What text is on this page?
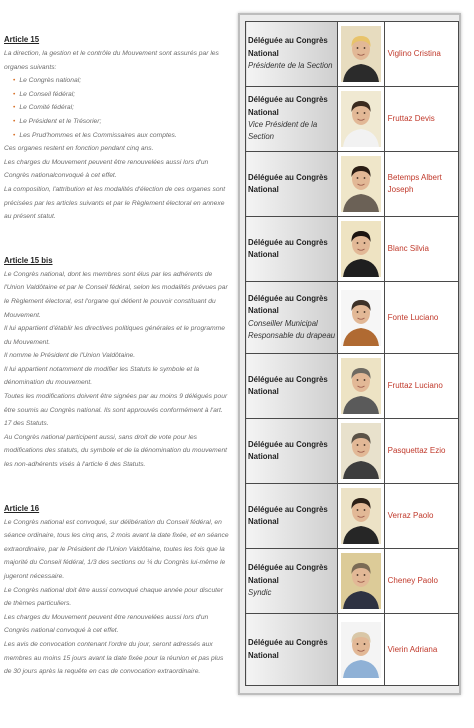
Article 15

La direction, la gestion et le contrôle du Mouvement sont assurés par les organes suivants:

• Le Congrès national;
• Le Conseil fédéral;
• Le Comité fédéral;
• Le Président et le Trésorier;
• Les Prud'hommes et les Commissaires aux comptes.

Ces organes restent en fonction pendant cinq ans.

Les charges du Mouvement peuvent être renouvelées aussi lors d'un Congrès nationalconvoqué à cet effet.

La composition, l'attribution et les modalités d'élection de ces organes sont précisées par les articles suivants et par le Règlement électoral en annexe au présent statut.

Article 15 bis

Le Congrès national, dont les membres sont élus par les adhérents de l'Union Valdôtaine et par le Conseil fédéral, selon les modalités prévues par le Règlement électoral, est l'organe qui détient le pouvoir constituant du Mouvement.

Il lui appartient d'établir les directives politiques générales et le programme du Mouvement.

Il nomme le Président de l'Union Valdôtaine.

Il lui appartient notamment de modifier les Statuts le symbole et la dénomination du mouvement.

Toutes les modifications doivent être signées par au moins 9 délégués pour être soumis au Congrès national. Ils sont approuvés conformément à l'art. 17 des Statuts.

Au Congrès national participent aussi, sans droit de vote pour les modifications des statuts, du symbole et de la dénomination du mouvement les non-adhérents visés à l'article 6 des Statuts.

Article 16

Le Congrès national est convoqué, sur délibération du Conseil fédéral, en séance ordinaire, tous les cinq ans, 2 mois avant la date fixée, et en séance extraordinaire, par le Président de l'Union Valdôtaine, toutes les fois que la majorité du Conseil fédéral, 1/3 des sections ou ¼ du Congrès lui-même le jugeront nécessaire.

Le Congrès national doit être aussi convoqué chaque année pour discuter de thèmes particuliers.

Les charges du Mouvement peuvent être renouvelées aussi lors d'un Congrès national convoqué à cet effet.

Les avis de convocation contenant l'ordre du jour, seront adressés aux membres au moins 15 jours avant la date fixée pour la réunion et pas plus de 30 jours après la requête en cas de convocation extraordinaire.

Déléguée au Congrès National
Présidente de la Section		Viglino Cristina

Déléguée au Congrès National
Vice Président de la Section		Fruttaz Devis

Déléguée au Congrès National		Betemps Albert Joseph

Déléguée au Congrès National		Blanc Silvia

Déléguée au Congrès National
Conseiller Municipal Responsable du drapeau		Fonte Luciano

Déléguée au Congrès National		Fruttaz Luciano

Déléguée au Congrès National		Pasquettaz Ezio

Déléguée au Congrès National		Verraz Paolo

Déléguée au Congrès National
Syndic		Cheney Paolo

Déléguée au Congrès National		Vierin Adriana
